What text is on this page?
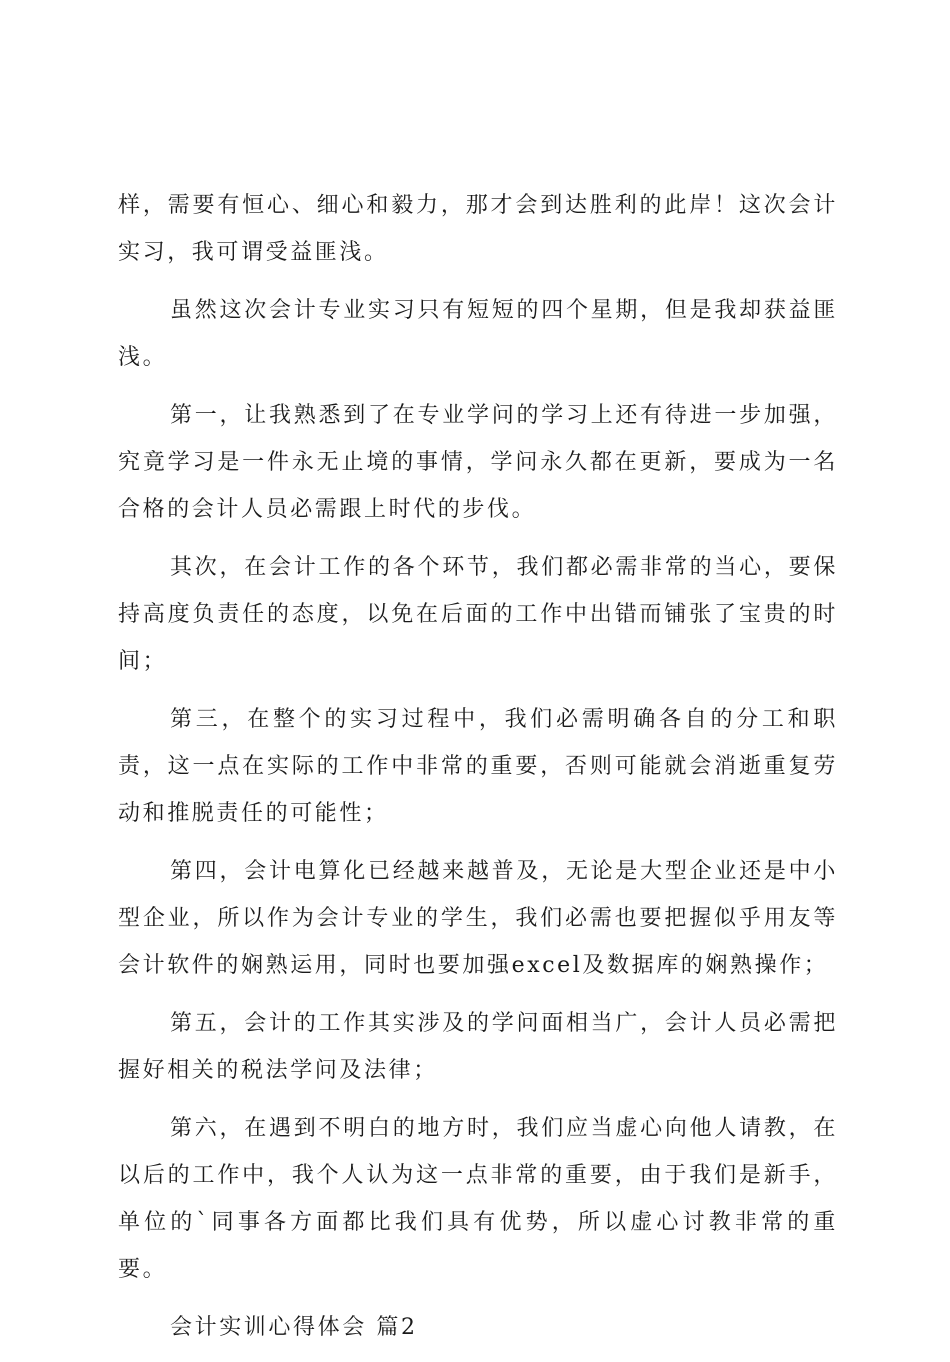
样，需要有恒心、细心和毅力，那才会到达胜利的此岸！这次会计实习，我可谓受益匪浅。

虽然这次会计专业实习只有短短的四个星期，但是我却获益匪浅。

第一，让我熟悉到了在专业学问的学习上还有待进一步加强，究竟学习是一件永无止境的事情，学问永久都在更新，要成为一名合格的会计人员必需跟上时代的步伐。

其次，在会计工作的各个环节，我们都必需非常的当心，要保持高度负责任的态度，以免在后面的工作中出错而铺张了宝贵的时间；

第三，在整个的实习过程中，我们必需明确各自的分工和职责，这一点在实际的工作中非常的重要，否则可能就会消逝重复劳动和推脱责任的可能性；

第四，会计电算化已经越来越普及，无论是大型企业还是中小型企业，所以作为会计专业的学生，我们必需也要把握似乎用友等会计软件的娴熟运用，同时也要加强excel及数据库的娴熟操作；

第五，会计的工作其实涉及的学问面相当广，会计人员必需把握好相关的税法学问及法律；

第六，在遇到不明白的地方时，我们应当虚心向他人请教，在以后的工作中，我个人认为这一点非常的重要，由于我们是新手，单位的`同事各方面都比我们具有优势，所以虚心讨教非常的重要。

会计实训心得体会 篇2
